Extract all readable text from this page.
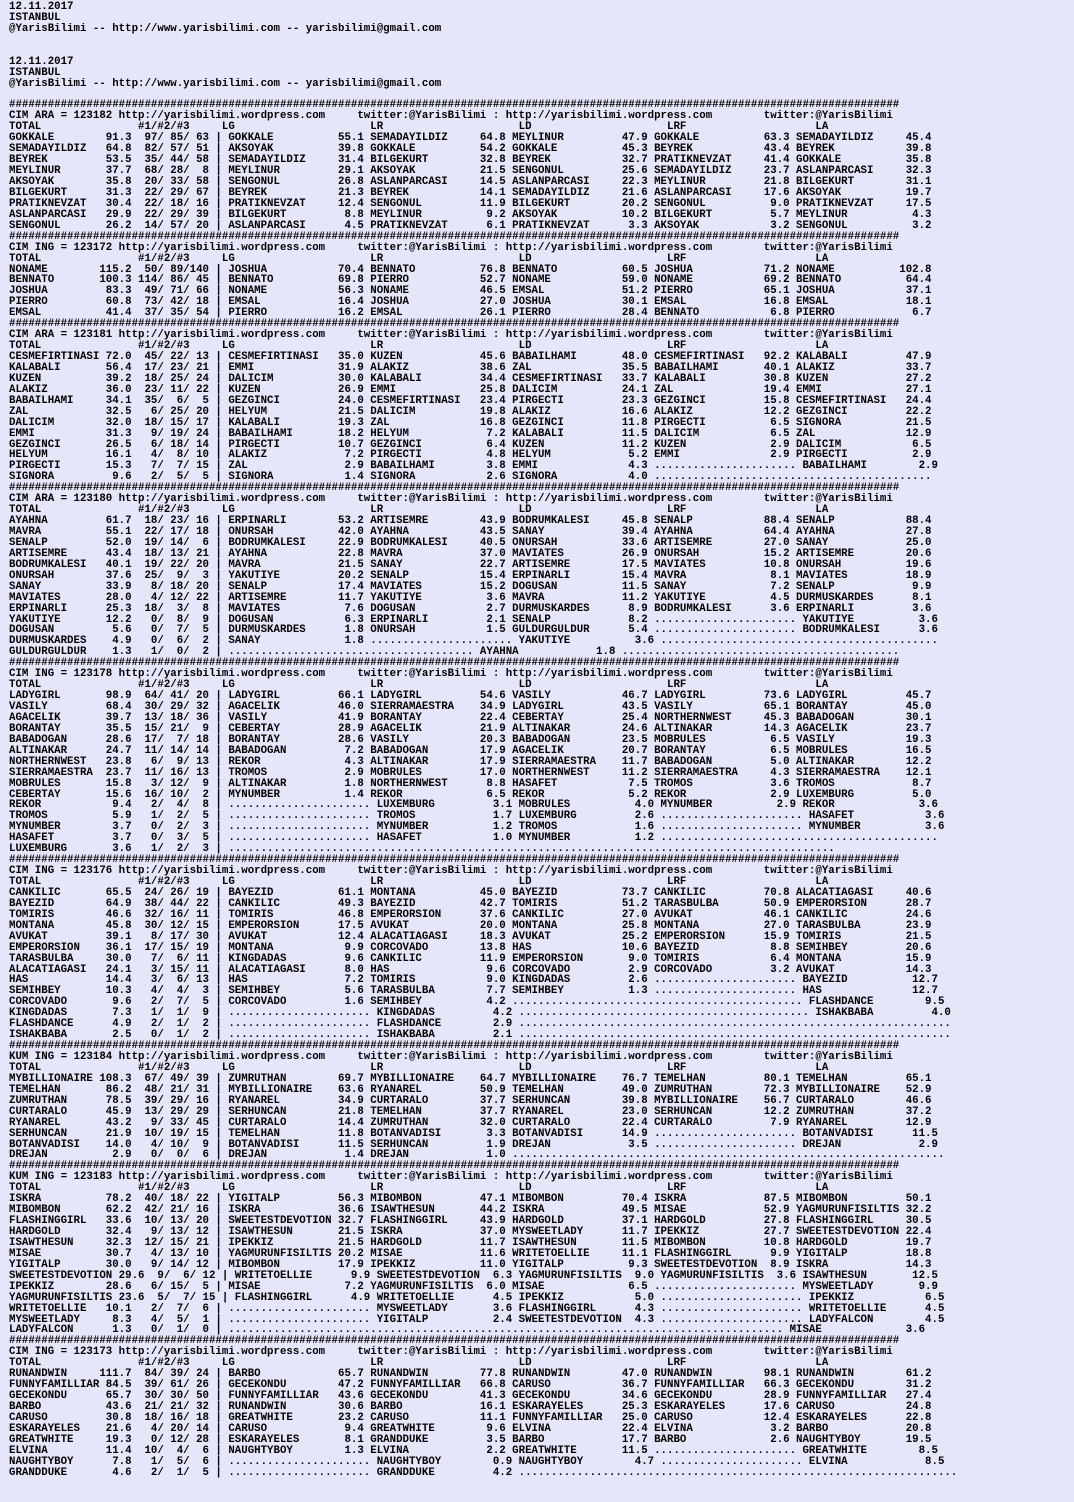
12.11.2017
ISTANBUL
@YarisBilimi -- http://www.yarisbilimi.com -- yarisbilimi@gmail.com
12.11.2017
ISTANBUL
@YarisBilimi -- http://www.yarisbilimi.com -- yarisbilimi@gmail.com
##########################################################################################################################################
CIM ARA = 123182 http://yarisbilimi.wordpress.com     twitter:@YarisBilimi : http://yarisbilimi.wordpress.com        twitter:@YarisBilimi
TOTAL               #1/#2/#3     LG                     LR                     LD                     LRF                    LA
GOKKALE        91.3  97/ 85/ 63 | GOKKALE          55.1 SEMADAYILDIZ     64.8 MEYLINUR         47.9 GOKKALE          63.3 SEMADAYILDIZ     45.4
SEMADAYILDIZ   64.8  82/ 57/ 51 | AKSOYAK          39.8 GOKKALE          54.2 GOKKALE          45.3 BEYREK           43.4 BEYREK           39.8
BEYREK         53.5  35/ 44/ 58 | SEMADAYILDIZ     31.4 BILGEKURT        32.8 BEYREK           32.7 PRATIKNEVZAT     41.4 GOKKALE          35.8
MEYLINUR       37.7  68/ 28/  8 | MEYLINUR         29.1 AKSOYAK          21.5 SENGONUL         25.6 SEMADAYILDIZ     23.7 ASLANPARCASI     32.3
AKSOYAK        35.8  20/ 33/ 58 | SENGONUL         26.8 ASLANPARCASI     14.5 ASLANPARCASI     22.3 MEYLINUR         21.8 BILGEKURT        31.1
BILGEKURT      31.3  22/ 29/ 67 | BEYREK           21.3 BEYREK           14.1 SEMADAYILDIZ     21.6 ASLANPARCASI     17.6 AKSOYAK          19.7
PRATIKNEVZAT   30.4  22/ 18/ 16 | PRATIKNEVZAT     12.4 SENGONUL         11.9 BILGEKURT        20.2 SENGONUL          9.0 PRATIKNEVZAT     17.5
ASLANPARCASI   29.9  22/ 29/ 39 | BILGEKURT         8.8 MEYLINUR          9.2 AKSOYAK          10.2 BILGEKURT         5.7 MEYLINUR          4.3
SENGONUL       26.2  14/ 57/ 20 | ASLANPARCASI      4.5 PRATIKNEVZAT      6.1 PRATIKNEVZAT      3.3 AKSOYAK           3.2 SENGONUL          3.2
##########################################################################################################################################
CIM ING = 123172 http://yarisbilimi.wordpress.com     twitter:@YarisBilimi : http://yarisbilimi.wordpress.com        twitter:@YarisBilimi
TOTAL               #1/#2/#3     LG                     LR                     LD                     LRF                    LA
NONAME        115.2  50/ 89/140 | JOSHUA           70.4 BENNATO          76.8 BENNATO          60.5 JOSHUA           71.2 NONAME          102.8
BENNATO       100.3 114/ 86/ 45 | BENNATO          69.8 PIERRO           52.7 NONAME           59.0 NONAME           69.2 BENNATO          64.4
JOSHUA         83.3  49/ 71/ 66 | NONAME           56.3 NONAME           46.5 EMSAL            51.2 PIERRO           65.1 JOSHUA           37.1
PIERRO         60.8  73/ 42/ 18 | EMSAL            16.4 JOSHUA           27.0 JOSHUA           30.1 EMSAL            16.8 EMSAL            18.1
EMSAL          41.4  37/ 35/ 54 | PIERRO           16.2 EMSAL            26.1 PIERRO           28.4 BENNATO           6.8 PIERRO            6.7
##########################################################################################################################################
CIM ARA = 123181 http://yarisbilimi.wordpress.com     twitter:@YarisBilimi : http://yarisbilimi.wordpress.com        twitter:@YarisBilimi
TOTAL               #1/#2/#3     LG                     LR                     LD                     LRF                    LA
CESMEFIRTINASI 72.0  45/ 22/ 13 | CESMEFIRTINASI   35.0 KUZEN            45.6 BABAILHAMI       48.0 CESMEFIRTINASI   92.2 KALABALI         47.9
KALABALI       56.4  17/ 23/ 21 | EMMI             31.9 ALAKIZ           38.6 ZAL              35.5 BABAILHAMI       40.1 ALAKIZ           33.7
KUZEN          39.2  18/ 25/ 24 | DALICIM          30.0 KALABALI         34.4 CESMEFIRTINASI   33.7 KALABALI         30.8 KUZEN            27.2
ALAKIZ         36.0  23/ 11/ 22 | KUZEN            26.9 EMMI             25.8 DALICIM          24.1 ZAL              19.4 EMMI             27.1
BABAILHAMI     34.1  35/  6/  5 | GEZGINCI         24.0 CESMEFIRTINASI   23.4 PIRGECTI         23.3 GEZGINCI         15.8 CESMEFIRTINASI   24.4
ZAL            32.5   6/ 25/ 20 | HELYUM           21.5 DALICIM          19.8 ALAKIZ           16.6 ALAKIZ           12.2 GEZGINCI         22.2
DALICIM        32.0  18/ 15/ 17 | KALABALI         19.3 ZAL              16.8 GEZGINCI         11.8 PIRGECTI          6.5 SIGNORA          21.5
EMMI           31.3   9/ 19/ 24 | BABAILHAMI       18.2 HELYUM            7.2 KALABALI         11.5 DALICIM           6.5 ZAL              12.9
GEZGINCI       26.5   6/ 18/ 14 | PIRGECTI         10.7 GEZGINCI          6.4 KUZEN            11.2 KUZEN             2.9 DALICIM           6.5
HELYUM         16.1   4/  8/ 10 | ALAKIZ            7.2 PIRGECTI          4.8 HELYUM            5.2 EMMI              2.9 PIRGECTI          2.9
PIRGECTI       15.3   7/  7/ 15 | ZAL               2.9 BABAILHAMI        3.8 EMMI              4.3 ...................... BABAILHAMI        2.9
SIGNORA         9.6   2/  5/  5 | SIGNORA           1.4 SIGNORA           2.6 SIGNORA           4.0 ...........................................
##########################################################################################################################################
CIM ARA = 123180 http://yarisbilimi.wordpress.com     twitter:@YarisBilimi : http://yarisbilimi.wordpress.com        twitter:@YarisBilimi
TOTAL               #1/#2/#3     LG                     LR                     LD                     LRF                    LA
AYAHNA         61.7  18/ 23/ 16 | ERPINARLI        53.2 ARTISEMRE        43.9 BODRUMKALESI     45.8 SENALP           88.4 SENALP           88.4
MAVRA          55.1  22/ 17/ 18 | ONURSAH          42.0 AYAHNA           43.5 SANAY            39.4 AYAHNA           64.4 AYAHNA           27.8
SENALP         52.0  19/ 14/  6 | BODRUMKALESI     22.9 BODRUMKALESI     40.5 ONURSAH          33.6 ARTISEMRE        27.0 SANAY            25.0
ARTISEMRE      43.4  18/ 13/ 21 | AYAHNA           22.8 MAVRA            37.0 MAVIATES         26.9 ONURSAH          15.2 ARTISEMRE        20.6
BODRUMKALESI   40.1  19/ 22/ 20 | MAVRA            21.5 SANAY            22.7 ARTISEMRE        17.5 MAVIATES         10.8 ONURSAH          19.6
ONURSAH        37.6  25/  9/  3 | YAKUTIYE         20.2 SENALP           15.4 ERPINARLI        15.4 MAVRA             8.1 MAVIATES         18.9
SANAY          33.9   8/ 18/ 20 | SENALP           17.4 MAVIATES         15.2 DOGUSAN          11.5 SANAY             7.2 SENALP            9.9
MAVIATES       28.0   4/ 12/ 22 | ARTISEMRE        11.7 YAKUTIYE          3.6 MAVRA            11.2 YAKUTIYE          4.5 DURMUSKARDES      8.1
ERPINARLI      25.3  18/  3/  8 | MAVIATES          7.6 DOGUSAN           2.7 DURMUSKARDES      8.9 BODRUMKALESI      3.6 ERPINARLI         3.6
YAKUTIYE       12.2   0/  8/  9 | DOGUSAN           6.3 ERPINARLI         2.1 SENALP            8.2 ...................... YAKUTIYE          3.6
DOGUSAN         5.6   0/  7/  5 | DURMUSKARDES      1.8 ONURSAH           1.5 GULDURGULDUR      5.4 ...................... BODRUMKALESI      3.6
DURMUSKARDES    4.9   0/  6/  2 | SANAY             1.8 ...................... YAKUTIYE          3.6 ...........................................
GULDURGULDUR    1.3   1/  0/  2 | ...................................... AYAHNA            1.8 ...........................................
##########################################################################################################################################
CIM ING = 123178 http://yarisbilimi.wordpress.com     twitter:@YarisBilimi : http://yarisbilimi.wordpress.com        twitter:@YarisBilimi
TOTAL               #1/#2/#3     LG                     LR                     LD                     LRF                    LA
LADYGIRL       98.9  64/ 41/ 20 | LADYGIRL         66.1 LADYGIRL         54.6 VASILY           46.7 LADYGIRL         73.6 LADYGIRL         45.7
VASILY         68.4  30/ 29/ 32 | AGACELIK         46.0 SIERRAMAESTRA    34.9 LADYGIRL         43.5 VASILY           65.1 BORANTAY         45.0
AGACELIK       39.7  13/ 18/ 36 | VASILY           41.9 BORANTAY         22.4 CEBERTAY         25.4 NORTHERNWEST     45.3 BABADOGAN        30.1
BORANTAY       35.5  15/ 21/  9 | CEBERTAY         28.9 AGACELIK         21.9 ALTINAKAR        24.6 ALTINAKAR        14.3 AGACELIK         23.7
BABADOGAN      28.6  17/  7/ 18 | BORANTAY         28.6 VASILY           20.3 BABADOGAN        23.5 MOBRULES          6.5 VASILY           19.3
ALTINAKAR      24.7  11/ 14/ 14 | BABADOGAN         7.2 BABADOGAN        17.9 AGACELIK         20.7 BORANTAY          6.5 MOBRULES         16.5
NORTHERNWEST   23.8   6/  9/ 13 | REKOR             4.3 ALTINAKAR        17.9 SIERRAMAESTRA    11.7 BABADOGAN         5.0 ALTINAKAR        12.2
SIERRAMAESTRA  23.7  11/ 16/ 13 | TROMOS            2.9 MOBRULES         17.0 NORTHERNWEST     11.2 SIERRAMAESTRA     4.3 SIERRAMAESTRA    12.1
MOBRULES       15.8   3/ 12/  9 | ALTINAKAR         1.8 NORTHERNWEST      8.8 HASAFET           7.5 TROMOS            3.6 TROMOS            8.7
CEBERTAY       15.6  16/ 10/  2 | MYNUMBER          1.4 REKOR             6.5 REKOR             5.2 REKOR             2.9 LUXEMBURG         5.0
REKOR           9.4   2/  4/  8 | ...................... LUXEMBURG         3.1 MOBRULES          4.0 MYNUMBER          2.9 REKOR             3.6
TROMOS          5.9   1/  2/  5 | ...................... TROMOS            1.7 LUXEMBURG         2.6 ...................... HASAFET           3.6
MYNUMBER        3.7   0/  2/  3 | ...................... MYNUMBER          1.2 TROMOS            1.6 ...................... MYNUMBER          3.6
HASAFET         3.7   0/  3/  5 | ...................... HASAFET           1.0 MYNUMBER          1.2 ...........................................
LUXEMBURG       3.6   1/  2/  3 | ..............................................................................................
##########################################################################################################################################
CIM ING = 123176 http://yarisbilimi.wordpress.com     twitter:@YarisBilimi : http://yarisbilimi.wordpress.com        twitter:@YarisBilimi
TOTAL               #1/#2/#3     LG                     LR                     LD                     LRF                    LA
CANKILIC       65.5  24/ 26/ 19 | BAYEZID          61.1 MONTANA          45.0 BAYEZID          73.7 CANKILIC         70.8 ALACATIAGASI     40.6
BAYEZID        64.9  38/ 44/ 22 | CANKILIC         49.3 BAYEZID          42.7 TOMIRIS          51.2 TARASBULBA       50.9 EMPERORSION      28.7
TOMIRIS        46.6  32/ 16/ 11 | TOMIRIS          46.8 EMPERORSION      37.6 CANKILIC         27.0 AVUKAT           46.1 CANKILIC         24.6
MONTANA        45.8  30/ 12/ 15 | EMPERORSION      17.5 AVUKAT           20.0 MONTANA          25.8 MONTANA          27.0 TARASBULBA       23.9
AVUKAT         39.1   8/ 17/ 30 | AVUKAT           12.4 ALACATIAGASI     18.3 AVUKAT           25.2 EMPERORSION      15.9 TOMIRIS          21.5
EMPERORSION    36.1  17/ 15/ 19 | MONTANA           9.9 CORCOVADO        13.8 HAS              10.6 BAYEZID           8.8 SEMIHBEY         20.6
TARASBULBA     30.0   7/  6/ 11 | KINGDADAS         9.6 CANKILIC         11.9 EMPERORSION       9.0 TOMIRIS           6.4 MONTANA          15.9
ALACATIAGASI   24.1   3/ 15/ 11 | ALACATIAGASI      8.0 HAS               9.6 CORCOVADO         2.9 CORCOVADO         3.2 AVUKAT           14.3
HAS            14.4   3/  6/ 13 | HAS               7.2 TOMIRIS           9.0 KINGDADAS         2.6 ...................... BAYEZID          12.7
SEMIHBEY       10.3   4/  4/  3 | SEMIHBEY          5.6 TARASBULBA        7.7 SEMIHBEY          1.3 ...................... HAS              12.7
CORCOVADO       9.6   2/  7/  5 | CORCOVADO         1.6 SEMIHBEY          4.2 ............................................. FLASHDANCE        9.5
KINGDADAS       7.3   1/  1/  9 | ...................... KINGDADAS         4.2 ............................................. ISHAKBABA         4.0
FLASHDANCE      4.9   2/  1/  2 | ...................... FLASHDANCE        2.9 ...................................................................
ISHAKBABA       2.5   0/  1/  2 | ...................... ISHAKBABA         2.1 ...................................................................
##########################################################################################################################################
KUM ING = 123184 http://yarisbilimi.wordpress.com     twitter:@YarisBilimi : http://yarisbilimi.wordpress.com        twitter:@YarisBilimi
TOTAL               #1/#2/#3     LG                     LR                     LD                     LRF                    LA
MYBILLIONAIRE 108.3  67/ 49/ 39 | ZUMRUTHAN        69.7 MYBILLIONAIRE    64.7 MYBILLIONAIRE    76.7 TEMELHAN         80.1 TEMELHAN         65.1
TEMELHAN       86.2  48/ 21/ 31 | MYBILLIONAIRE    63.6 RYANAREL         50.9 TEMELHAN         49.0 ZUMRUTHAN        72.3 MYBILLIONAIRE    52.9
ZUMRUTHAN      78.5  39/ 29/ 16 | RYANAREL         34.9 CURTARALO        37.7 SERHUNCAN        39.8 MYBILLIONAIRE    56.7 CURTARALO        46.6
CURTARALO      45.9  13/ 29/ 29 | SERHUNCAN        21.8 TEMELHAN         37.7 RYANAREL         23.0 SERHUNCAN        12.2 ZUMRUTHAN        37.2
RYANAREL       43.2   9/ 33/ 45 | CURTARALO        14.4 ZUMRUTHAN        32.0 CURTARALO        22.4 CURTARALO         7.9 RYANAREL         12.9
SERHUNCAN      21.9  10/ 19/ 15 | TEMELHAN         11.8 BOTANVADISI       3.3 BOTANVADISI      14.9 ...................... BOTANVADISI      11.5
BOTANVADISI    14.0   4/ 10/  9 | BOTANVADISI      11.5 SERHUNCAN         1.9 DREJAN            3.5 ...................... DREJAN            2.9
DREJAN          2.9   0/  0/  6 | DREJAN            1.4 DREJAN            1.0 ...................................................................
##########################################################################################################################################
KUM ING = 123183 http://yarisbilimi.wordpress.com     twitter:@YarisBilimi : http://yarisbilimi.wordpress.com        twitter:@YarisBilimi
TOTAL               #1/#2/#3     LG                     LR                     LD                     LRF                    LA
ISKRA          78.2  40/ 18/ 22 | YIGITALP         56.3 MIBOMBON         47.1 MIBOMBON         70.4 ISKRA            87.5 MIBOMBON         50.1
MIBOMBON       62.2  42/ 21/ 16 | ISKRA            36.6 ISAWTHESUN       44.2 ISKRA            49.5 MISAE            52.9 YAGMURUNFISILTIS 32.2
FLASHINGGIRL   33.6  10/ 13/ 20 | SWEETESTDEVOTION 32.7 FLASHINGGIRL     43.9 HARDGOLD         37.1 HARDGOLD         27.8 FLASHINGGIRL     30.5
HARDGOLD       32.4   9/ 13/ 12 | ISAWTHESUN       21.5 ISKRA            37.0 MYSWEETLADY      11.7 IPEKKIZ          27.7 SWEETESTDEVOTION 22.4
ISAWTHESUN     32.3  12/ 15/ 21 | IPEKKIZ          21.5 HARDGOLD         11.7 ISAWTHESUN       11.5 MIBOMBON         10.8 HARDGOLD         19.7
MISAE          30.7   4/ 13/ 10 | YAGMURUNFISILTIS 20.2 MISAE            11.6 WRITETOELLIE     11.1 FLASHINGGIRL      9.9 YIGITALP         18.8
YIGITALP       30.0   9/ 14/ 12 | MIBOMBON         17.9 IPEKKIZ          11.0 YIGITALP          9.3 SWEETESTDEVOTION  8.9 ISKRA            14.3
SWEETESTDEVOTION 29.6  9/  6/ 12 | WRITETOELLIE      9.9 SWEETESTDEVOTION  6.3 YAGMURUNFISILTIS  9.0 YAGMURUNFISILTIS  3.6 ISAWTHESUN       12.5
IPEKKIZ        28.6   6/ 15/  5 | MISAE             7.2 YAGMURUNFISILTIS  6.0 MISAE             6.5 ...................... MYSWEETLADY       9.9
YAGMURUNFISILTIS 23.6  5/  7/ 15 | FLASHINGGIRL      4.9 WRITETOELLIE      4.5 IPEKKIZ           5.0 ...................... IPEKKIZ           6.5
WRITETOELLIE   10.1   2/  7/  6 | ...................... MYSWEETLADY       3.6 FLASHINGGIRL      4.3 ...................... WRITETOELLIE      4.5
MYSWEETLADY     8.3   4/  5/  1 | ...................... YIGITALP          2.4 SWEETESTDEVOTION  4.3 ...................... LADYFALCON        4.5
LADYFALCON      1.3   0/  1/  0 | ...................................................................................... MISAE             3.6
##########################################################################################################################################
CIM ING = 123173 http://yarisbilimi.wordpress.com     twitter:@YarisBilimi : http://yarisbilimi.wordpress.com        twitter:@YarisBilimi
TOTAL               #1/#2/#3     LG                     LR                     LD                     LRF                    LA
RUNANDWIN     111.7  84/ 39/ 24 | BARBO            65.7 RUNANDWIN        77.8 RUNANDWIN        47.0 RUNANDWIN        98.1 RUNANDWIN        61.2
FUNNYFAMILLIAR 84.5  39/ 61/ 26 | GECEKONDU        47.2 FUNNYFAMILLIAR   66.8 CARUSO           36.7 FUNNYFAMILLIAR   66.3 GECEKONDU        31.2
GECEKONDU      65.7  30/ 30/ 50 | FUNNYFAMILLIAR   43.6 GECEKONDU        41.3 GECEKONDU        34.6 GECEKONDU        28.9 FUNNYFAMILLIAR   27.4
BARBO          43.6  21/ 21/ 32 | RUNANDWIN        30.6 BARBO            16.1 ESKARAYELES      25.3 ESKARAYELES      17.6 CARUSO           24.8
CARUSO         30.8  18/ 16/ 18 | GREATWHITE       23.2 CARUSO           11.1 FUNNYFAMILLIAR   25.0 CARUSO           12.4 ESKARAYELES      22.8
ESKARAYELES    21.6   4/ 20/ 14 | CARUSO            9.4 GREATWHITE        9.6 ELVINA           22.4 ELVINA            3.2 BARBO            20.8
GREATWHITE     19.3   0/ 12/ 28 | ESKARAYELES       8.1 GRANDDUKE         3.5 BARBO            17.7 BARBO             2.6 NAUGHTYBOY       19.5
ELVINA         11.4  10/  4/  6 | NAUGHTYBOY        1.3 ELVINA            2.2 GREATWHITE       11.5 ...................... GREATWHITE        8.5
NAUGHTYBOY      7.8   1/  5/  6 | ...................... NAUGHTYBOY        0.9 NAUGHTYBOY        4.7 ...................... ELVINA            8.5
GRANDDUKE       4.6   2/  1/  5 | ...................... GRANDDUKE         4.2 ....................................................................
